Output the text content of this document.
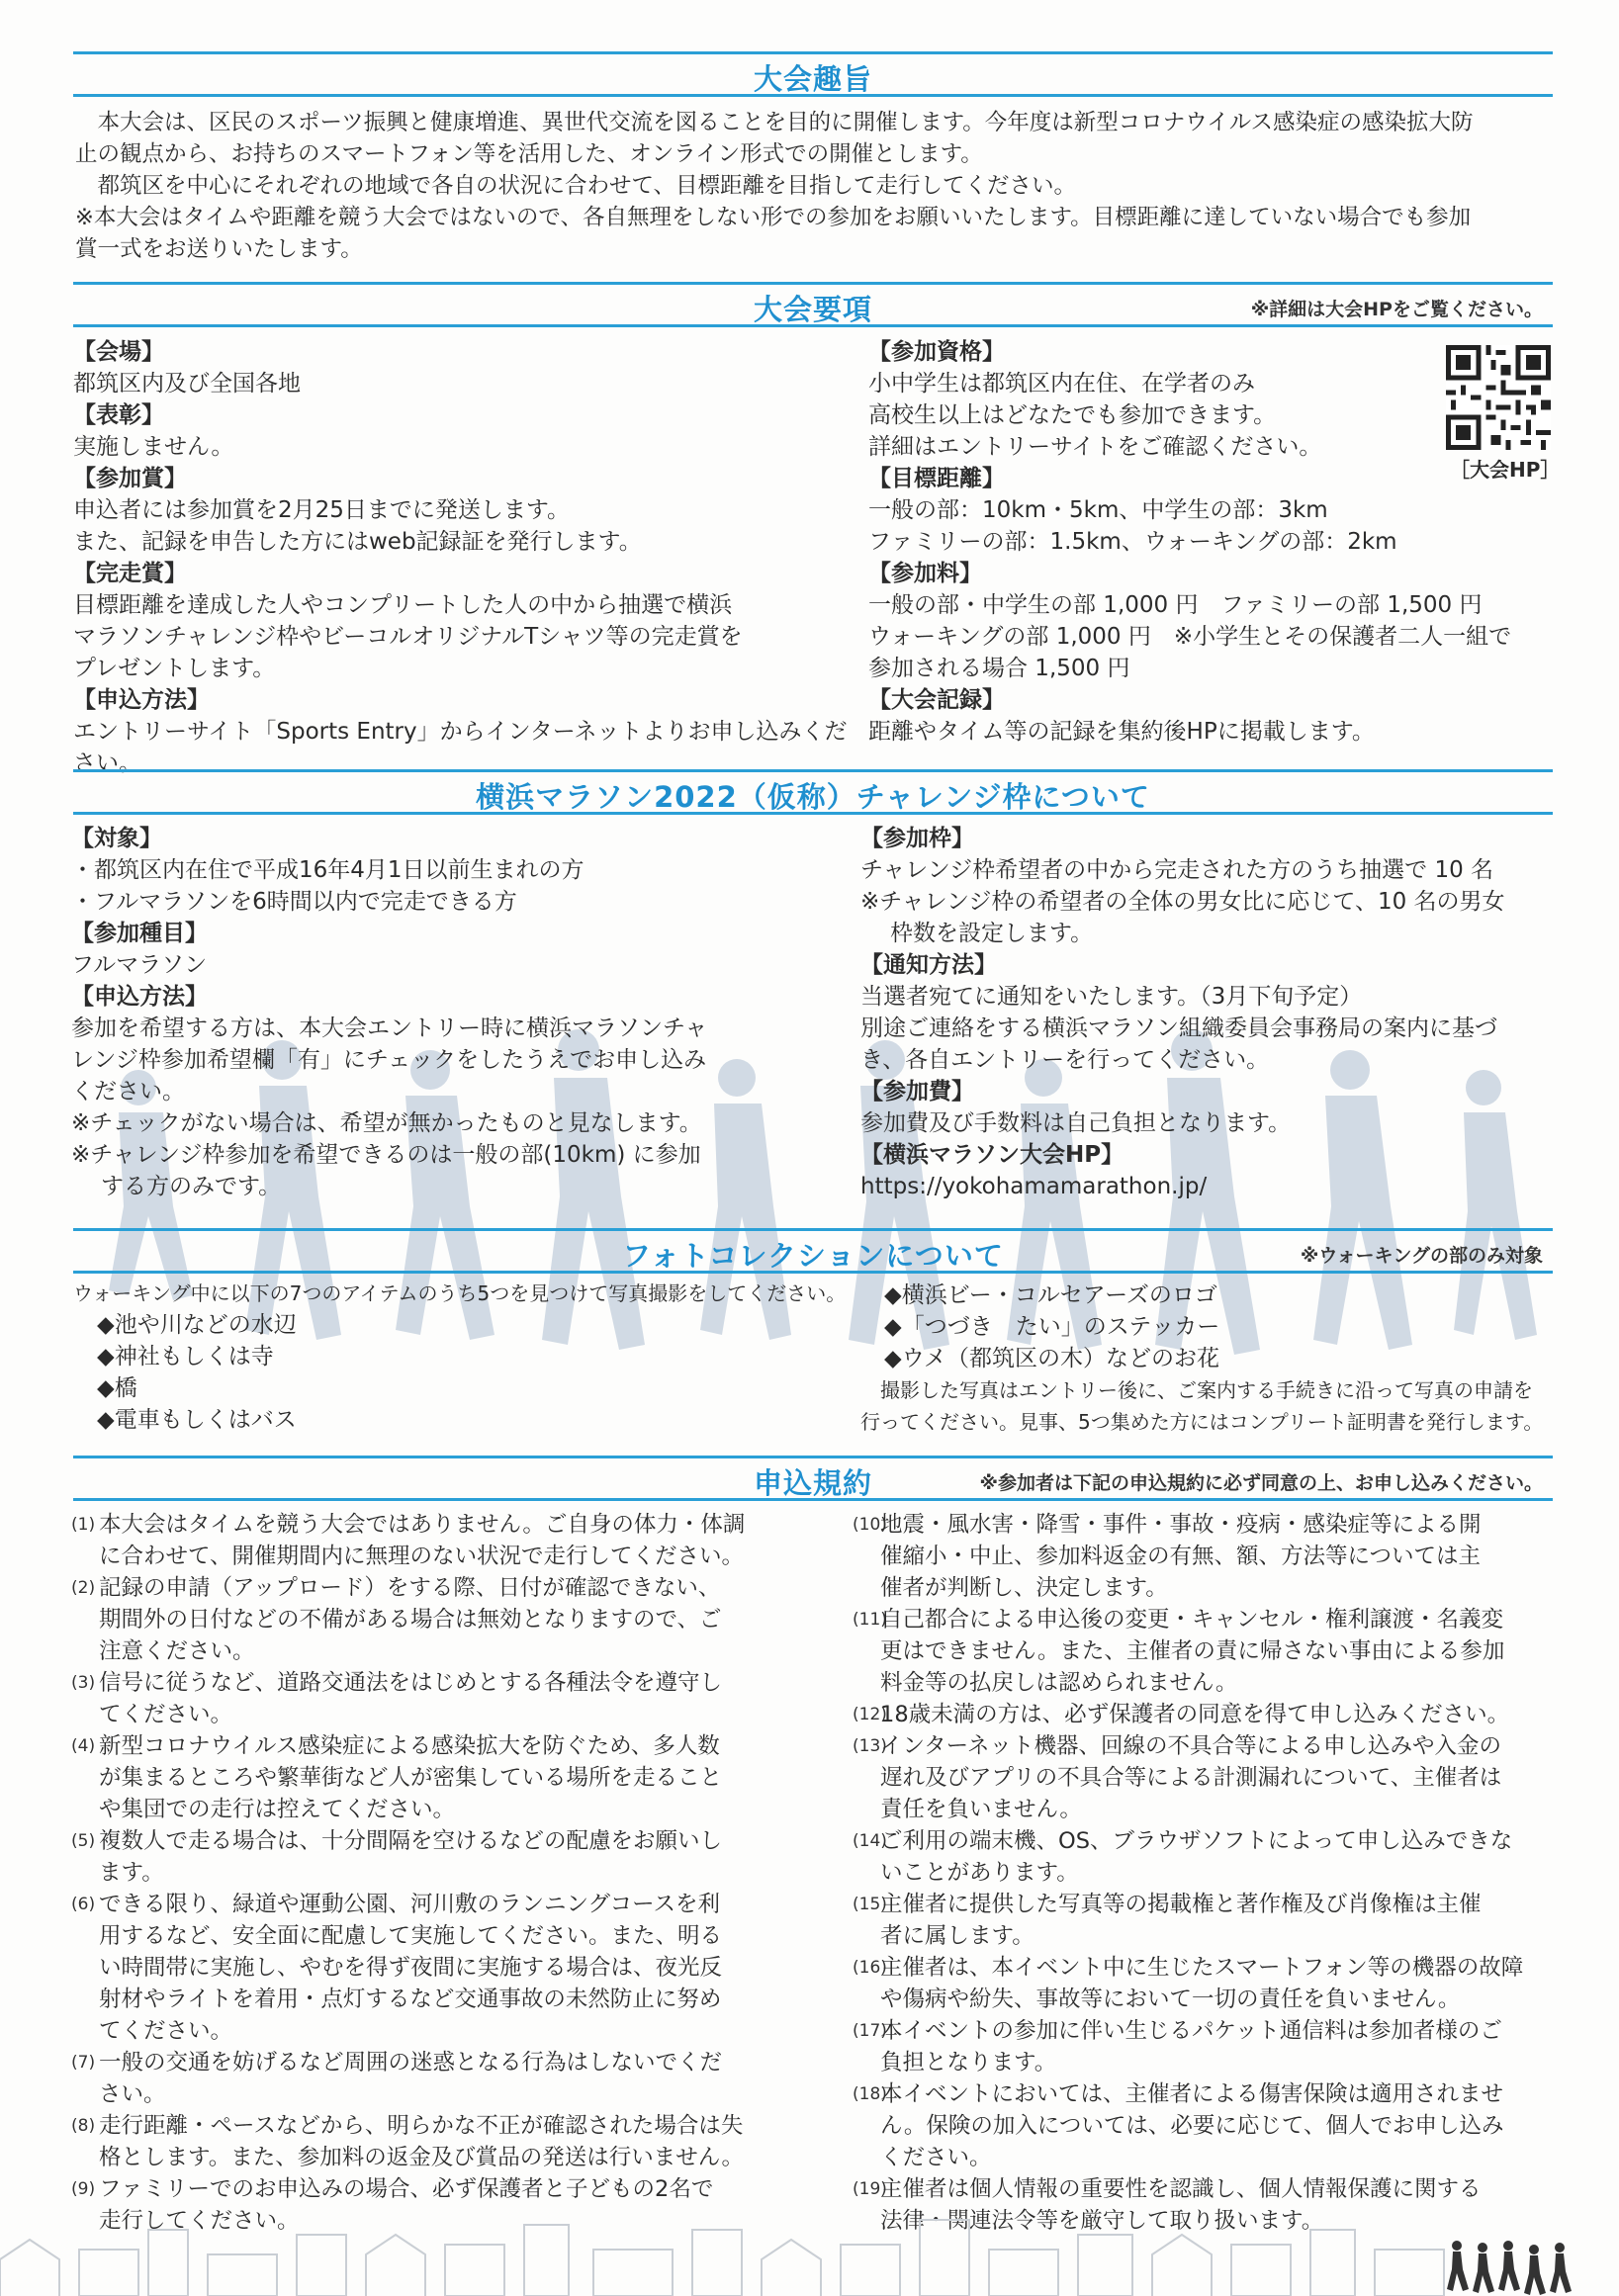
大会趣旨
　本大会は、区民のスポーツ振興と健康増進、異世代交流を図ることを目的に開催します。今年度は新型コロナウイルス感染症の感染拡大防
止の観点から、お持ちのスマートフォン等を活用した、オンライン形式での開催とします。
　都筑区を中心にそれぞれの地域で各自の状況に合わせて、目標距離を目指して走行してください。
※本大会はタイムや距離を競う大会ではないので、各自無理をしない形での参加をお願いいたします。目標距離に達していない場合でも参加
賞一式をお送りいたします。
大会要項	※詳細は大会HPをご覧ください。
【会場】
都筑区内及び全国各地
【表彰】
実施しません。
【参加賞】
申込者には参加賞を2月25日までに発送します。
また、記録を申告した方にはweb記録証を発行します。
【完走賞】
目標距離を達成した人やコンプリートした人の中から抽選で横浜
マラソンチャレンジ枠やビーコルオリジナルTシャツ等の完走賞を
プレゼントします。
【申込方法】
エントリーサイト「Sports Entry」からインターネットよりお申し込みください。
【参加資格】
小中学生は都筑区内在住、在学者のみ
高校生以上はどなたでも参加できます。
詳細はエントリーサイトをご確認ください。
【目標距離】
一般の部：10km・5km、中学生の部：3km
ファミリーの部：1.5km、ウォーキングの部：2km
【参加料】
一般の部・中学生の部 1,000 円　ファミリーの部 1,500 円
ウォーキングの部 1,000 円　※小学生とその保護者二人一組で
参加される場合 1,500 円
【大会記録】
距離やタイム等の記録を集約後HPに掲載します。
［大会HP］
横浜マラソン2022（仮称）チャレンジ枠について
【対象】
・都筑区内在住で平成16年4月1日以前生まれの方
・フルマラソンを6時間以内で完走できる方
【参加種目】
フルマラソン
【申込方法】
参加を希望する方は、本大会エントリー時に横浜マラソンチャ
レンジ枠参加希望欄「有」にチェックをしたうえでお申し込み
ください。
※チェックがない場合は、希望が無かったものと見なします。
※チャレンジ枠参加を希望できるのは一般の部(10km) に参加
する方のみです。
【参加枠】
チャレンジ枠希望者の中から完走された方のうち抽選で 10 名
※チャレンジ枠の希望者の全体の男女比に応じて、10 名の男女
枠数を設定します。
【通知方法】
当選者宛てに通知をいたします。（3月下旬予定）
別途ご連絡をする横浜マラソン組織委員会事務局の案内に基づ
き、各自エントリーを行ってください。
【参加費】
参加費及び手数料は自己負担となります。
【横浜マラソン大会HP】
https://yokohamamarathon.jp/
フォトコレクションについて	※ウォーキングの部のみ対象
ウォーキング中に以下の7つのアイテムのうち5つを見つけて写真撮影をしてください。
◆池や川などの水辺
◆神社もしくは寺
◆橋
◆電車もしくはバス
◆横浜ビー・コルセアーズのロゴ
◆「つづき　たい」のステッカー
◆ウメ（都筑区の木）などのお花
　撮影した写真はエントリー後に、ご案内する手続きに沿って写真の申請を
行ってください。見事、5つ集めた方にはコンプリート証明書を発行します。
申込規約	※参加者は下記の申込規約に必ず同意の上、お申し込みください。
(1) 本大会はタイムを競う大会ではありません。ご自身の体力・体調
に合わせて、開催期間内に無理のない状況で走行してください。
(2) 記録の申請（アップロード）をする際、日付が確認できない、
期間外の日付などの不備がある場合は無効となりますので、ご
注意ください。
(3) 信号に従うなど、道路交通法をはじめとする各種法令を遵守し
てください。
(4) 新型コロナウイルス感染症による感染拡大を防ぐため、多人数
が集まるところや繁華街など人が密集している場所を走ること
や集団での走行は控えてください。
(5) 複数人で走る場合は、十分間隔を空けるなどの配慮をお願いし
ます。
(6) できる限り、緑道や運動公園、河川敷のランニングコースを利
用するなど、安全面に配慮して実施してください。また、明る
い時間帯に実施し、やむを得ず夜間に実施する場合は、夜光反
射材やライトを着用・点灯するなど交通事故の未然防止に努め
てください。
(7) 一般の交通を妨げるなど周囲の迷惑となる行為はしないでくだ
さい。
(8) 走行距離・ペースなどから、明らかな不正が確認された場合は失
格とします。また、参加料の返金及び賞品の発送は行いません。
(9) ファミリーでのお申込みの場合、必ず保護者と子どもの2名で
走行してください。
(10)
地震・風水害・降雪・事件・事故・疫病・感染症等による開
催縮小・中止、参加料返金の有無、額、方法等については主
催者が判断し、決定します。
(11)
自己都合による申込後の変更・キャンセル・権利譲渡・名義変
更はできません。また、主催者の責に帰さない事由による参加
料金等の払戻しは認められません。
(12)
18歳未満の方は、必ず保護者の同意を得て申し込みください。
(13)
インターネット機器、回線の不具合等による申し込みや入金の
遅れ及びアプリの不具合等による計測漏れについて、主催者は
責任を負いません。
(14)
ご利用の端末機、OS、ブラウザソフトによって申し込みできな
いことがあります。
(15)
主催者に提供した写真等の掲載権と著作権及び肖像権は主催
者に属します。
(16)
主催者は、本イベント中に生じたスマートフォン等の機器の故障
や傷病や紛失、事故等において一切の責任を負いません。
(17)
本イベントの参加に伴い生じるパケット通信料は参加者様のご
負担となります。
(18)
本イベントにおいては、主催者による傷害保険は適用されませ
ん。保険の加入については、必要に応じて、個人でお申し込み
ください。
(19)
主催者は個人情報の重要性を認識し、個人情報保護に関する
法律・関連法令等を厳守して取り扱います。
